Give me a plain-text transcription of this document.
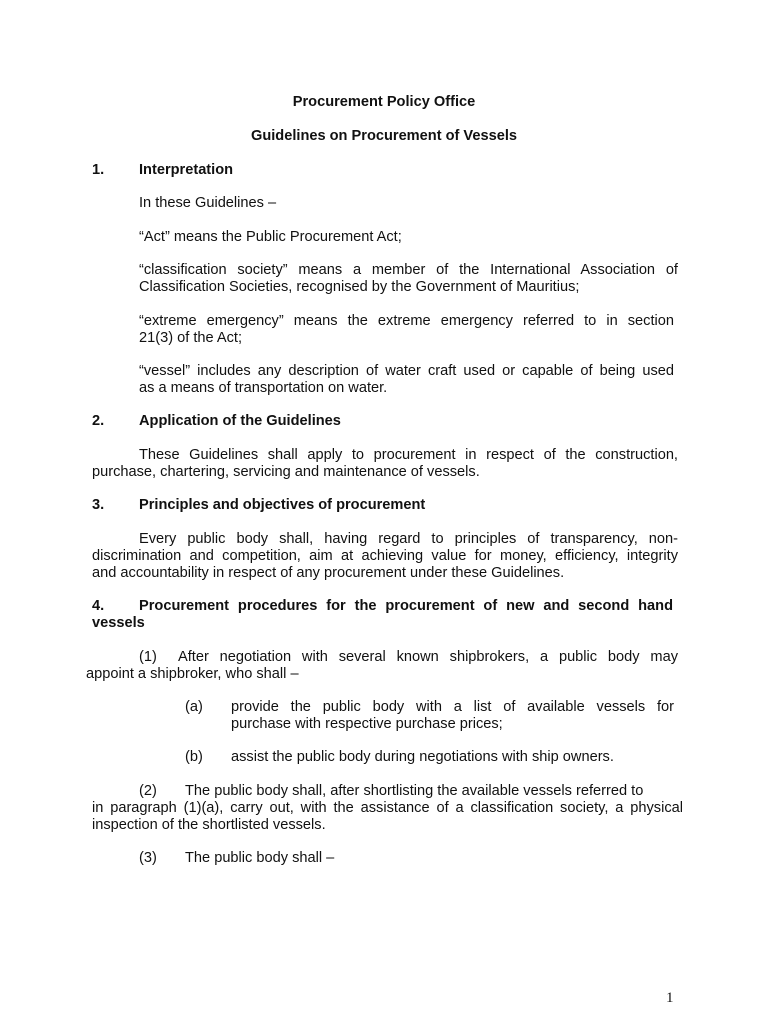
Procurement Policy Office
Guidelines on Procurement of Vessels
1. Interpretation
In these Guidelines –
“Act” means the Public Procurement Act;
“classification society” means a member of the International Association of
Classification Societies, recognised by the Government of Mauritius;
“extreme emergency” means the extreme emergency referred to in section
21(3) of the Act;
“vessel” includes any description of water craft used or capable of being used
as a means of transportation on water.
2. Application of the Guidelines
These Guidelines shall apply to procurement in respect of the construction,
purchase, chartering, servicing and maintenance of vessels.
3. Principles and objectives of procurement
Every public body shall, having regard to principles of transparency, non-
discrimination and competition, aim at achieving value for money, efficiency, integrity
and accountability in respect of any procurement under these Guidelines.
4. Procurement procedures for the procurement of new and second hand
vessels
(1) After negotiation with several known shipbrokers, a public body may
appoint a shipbroker, who shall –
(a) provide the public body with a list of available vessels for
purchase with respective purchase prices;
(b) assist the public body during negotiations with ship owners.
(2) The public body shall, after shortlisting the available vessels referred to
in paragraph (1)(a), carry out, with the assistance of a classification society, a physical
inspection of the shortlisted vessels.
(3) The public body shall –
1
